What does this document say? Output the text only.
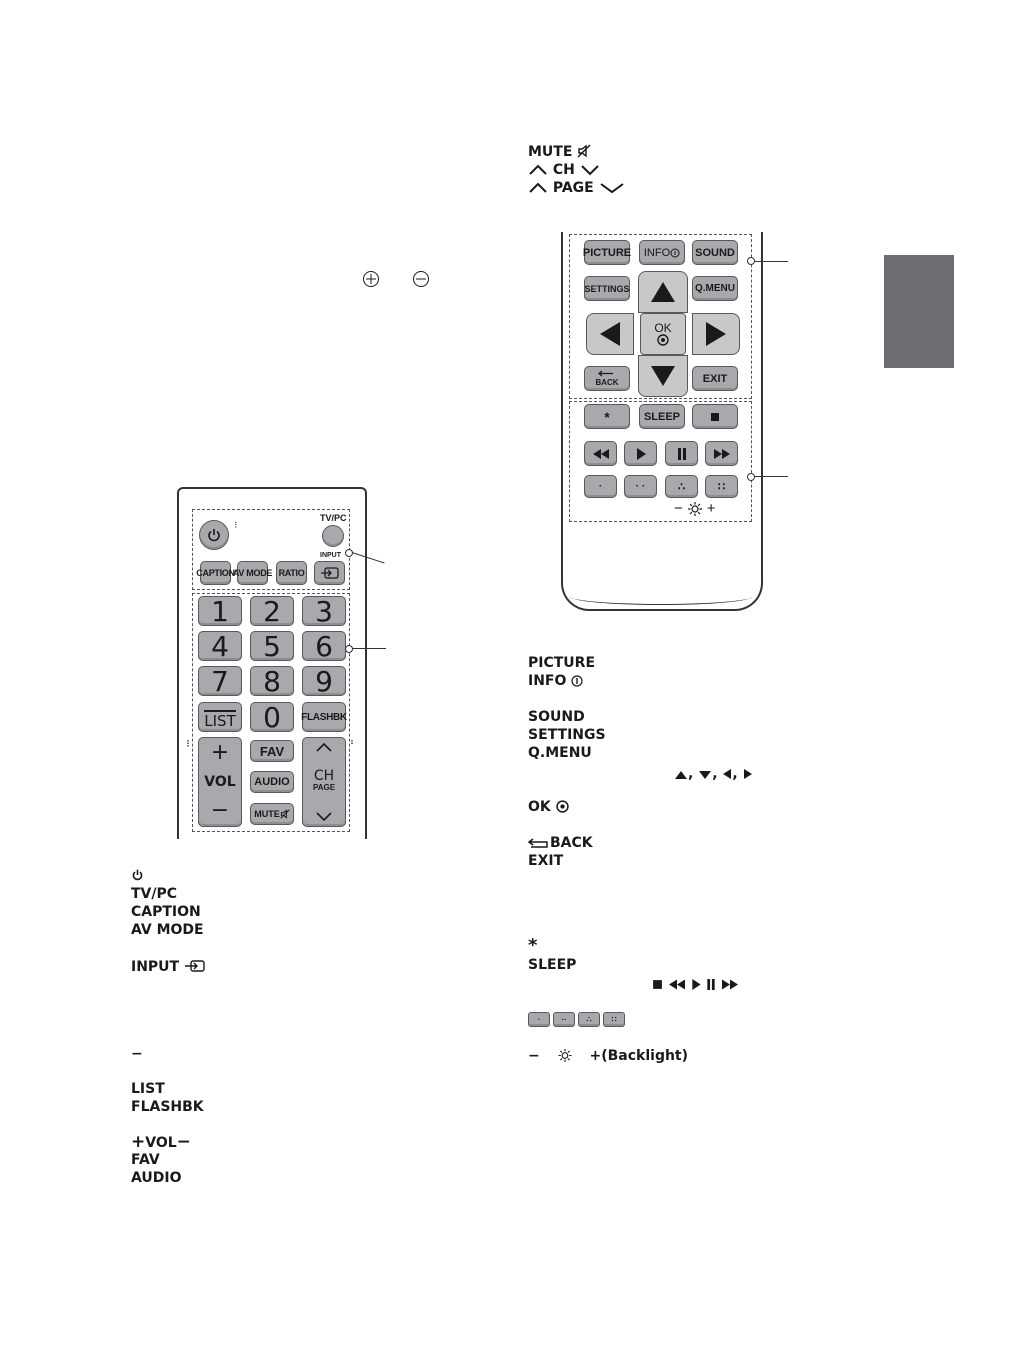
MUTE
CH
PAGE
⠇
TV/PC
CAPTION
AV MODE RATIO
INPUT
1	2	3
4	5	6
7	8	9
LIST 0	FLASHBK
⠇	⠃
+
VOL
−
FAV
AUDIO
MUTE
CH
PAGE
PICTURE INFO SOUND
SETTINGS	Q.MENU
OK
BACK	EXIT
*	SLEEP
·	· ·	∴	∷
− +
TV/PC
CAPTION
AV MODE
INPUT
−
LIST
FLASHBK
+VOL−
FAV
AUDIO
PICTURE
INFO
SOUND
SETTINGS
Q.MENU
, , ,
OK
BACK
EXIT
*
SLEEP

·	··	∴	∷
−	+(Backlight)
